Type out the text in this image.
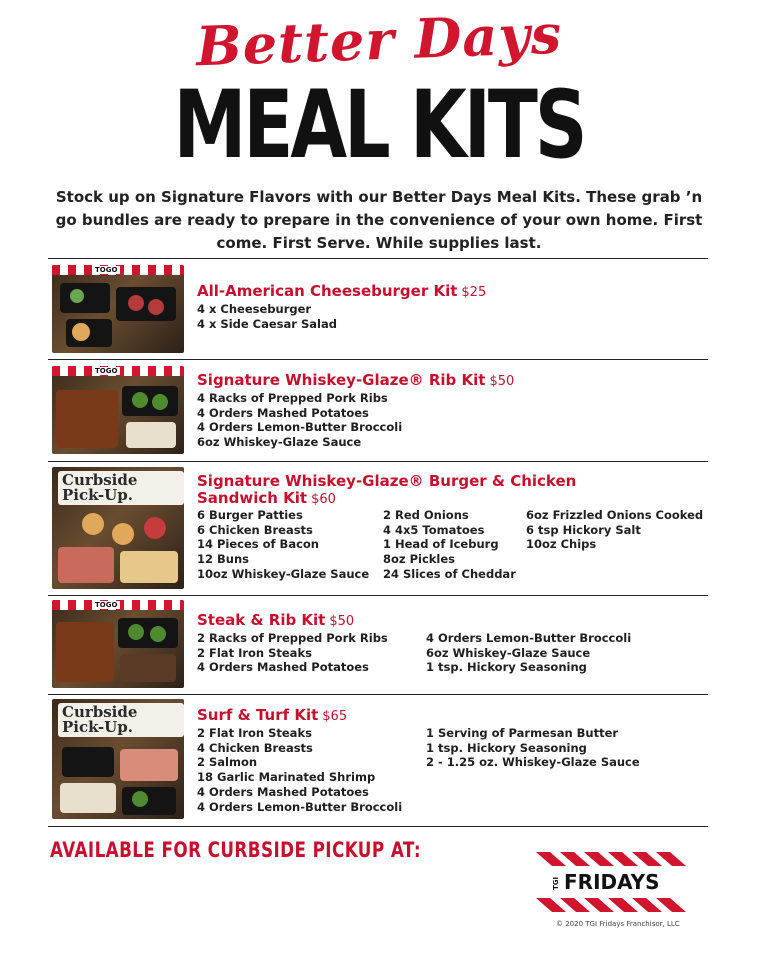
Better Days
MEAL KITS
Stock up on Signature Flavors with our Better Days Meal Kits. These grab ’n go bundles are ready to prepare in the convenience of your own home. First come. First Serve. While supplies last.
TOGO
All-American Cheeseburger Kit $25
4 x Cheeseburger
4 x Side Caesar Salad
TOGO	Signature Whiskey-Glaze® Rib Kit $50
4 Racks of Prepped Pork Ribs
4 Orders Mashed Potatoes
4 Orders Lemon-Butter Broccoli
6oz Whiskey-Glaze Sauce
Curbside Pick-Up.
Signature Whiskey-Glaze® Burger & Chicken
Sandwich Kit $60
6 Burger Patties
6 Chicken Breasts
14 Pieces of Bacon
12 Buns
10oz Whiskey-Glaze Sauce
2 Red Onions
4 4x5 Tomatoes
1 Head of Iceburg
8oz Pickles
24 Slices of Cheddar
6oz Frizzled Onions Cooked
6 tsp Hickory Salt
10oz Chips
TOGO
Steak & Rib Kit $50
2 Racks of Prepped Pork Ribs
2 Flat Iron Steaks
4 Orders Mashed Potatoes
4 Orders Lemon-Butter Broccoli
6oz Whiskey-Glaze Sauce
1 tsp. Hickory Seasoning
Curbside Pick-Up.
Surf & Turf Kit $65
2 Flat Iron Steaks
4 Chicken Breasts
2 Salmon
18 Garlic Marinated Shrimp
4 Orders Mashed Potatoes
4 Orders Lemon-Butter Broccoli
1 Serving of Parmesan Butter
1 tsp. Hickory Seasoning
2 - 1.25 oz. Whiskey-Glaze Sauce
AVAILABLE FOR CURBSIDE PICKUP AT:
TGI FRIDAYS
© 2020 TGI Fridays Franchisor, LLC
